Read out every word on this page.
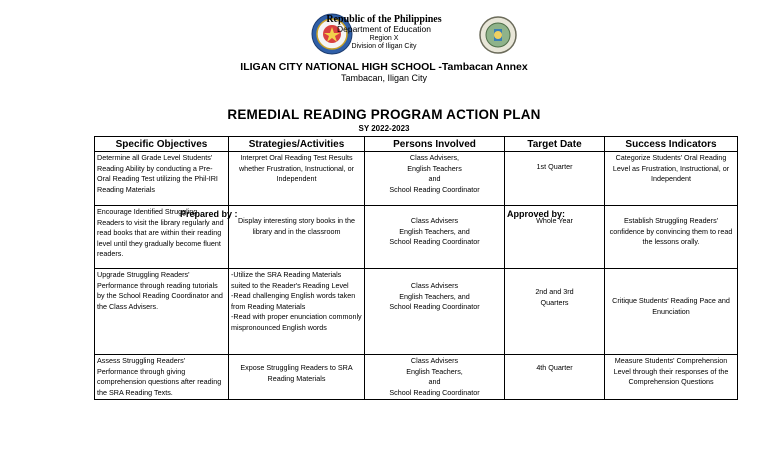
Republic of the Philippines
Department of Education
Region X
Division of Iligan City
ILIGAN CITY NATIONAL HIGH SCHOOL -Tambacan Annex
Tambacan, Iligan City
REMEDIAL READING PROGRAM ACTION PLAN
SY 2022-2023
Specific Objectives	Strategies/Activities	Persons Involved	Target Date	Success Indicators
Determine all Grade Level Students' Reading Ability by conducting a Pre-Oral Reading Test utilizing the Phil-IRI Reading Materials	Interpret Oral Reading Test Results whether Frustration, Instructional, or Independent	Class Advisers,
English Teachers
and
School Reading Coordinator	1st Quarter	Categorize Students' Oral Reading Level as Frustration, Instructional, or Independent
Encourage Identified Struggling Readers to visit the library regularly and read books that are within their reading level until they gradually become fluent readers.	Display interesting story books in the library and in the classroom	Class Advisers
English Teachers, and
School Reading Coordinator	Whole Year	Establish Struggling Readers' confidence by convincing them to read the lessons orally.
Upgrade Struggling Readers' Performance through reading tutorials by the School Reading Coordinator and the Class Advisers.	-Utilize the SRA Reading Materials suited to the Reader's Reading Level
-Read challenging English words taken from Reading Materials
-Read with proper enunciation commonly mispronounced English words	Class Advisers
English Teachers, and
School Reading Coordinator	2nd and 3rd
Quarters	Critique Students' Reading Pace and Enunciation
Assess Struggling Readers' Performance through giving comprehension questions after reading the SRA Reading Texts.	Expose Struggling Readers to SRA Reading Materials	Class Advisers
English Teachers,
and
School Reading Coordinator	4th Quarter	Measure Students' Comprehension Level through their responses of the Comprehension Questions
Prepared by :	Approved by:
